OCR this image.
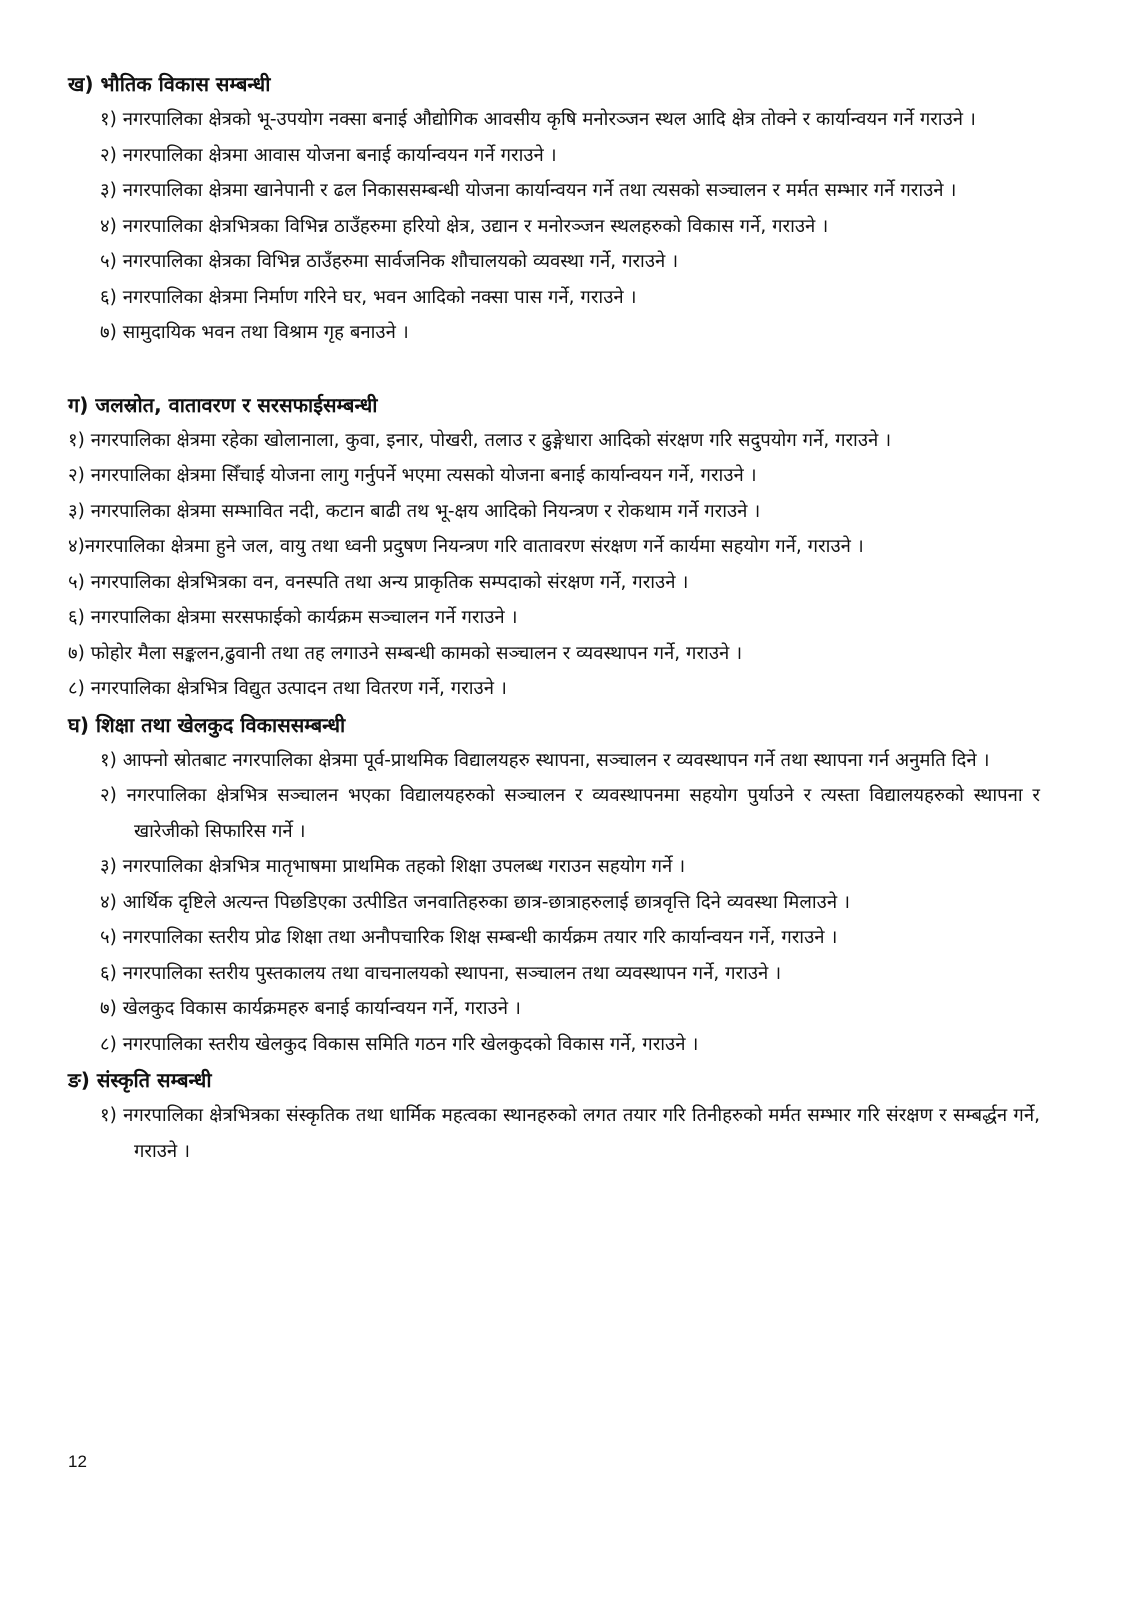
ख) भौतिक विकास सम्बन्धी
१) नगरपालिका क्षेत्रको भू-उपयोग नक्सा बनाई औद्योगिक आवसीय कृषि मनोरञ्जन स्थल आदि क्षेत्र तोक्ने र कार्यान्वयन गर्ने गराउने ।
२) नगरपालिका क्षेत्रमा आवास योजना बनाई कार्यान्वयन गर्ने गराउने ।
३) नगरपालिका क्षेत्रमा खानेपानी र ढल निकाससम्बन्धी योजना कार्यान्वयन गर्ने तथा त्यसको सञ्चालन र मर्मत सम्भार गर्ने गराउने ।
४) नगरपालिका क्षेत्रभित्रका विभिन्न ठाउँहरुमा हरियो क्षेत्र, उद्यान र मनोरञ्जन स्थलहरुको विकास गर्ने, गराउने ।
५) नगरपालिका क्षेत्रका विभिन्न ठाउँहरुमा सार्वजनिक शौचालयको व्यवस्था गर्ने, गराउने ।
६) नगरपालिका क्षेत्रमा निर्माण गरिने घर, भवन आदिको नक्सा पास गर्ने, गराउने ।
७) सामुदायिक भवन तथा विश्राम गृह बनाउने ।
ग) जलस्रोत, वातावरण र सरसफाईसम्बन्धी
१) नगरपालिका क्षेत्रमा रहेका खोलानाला, कुवा, इनार, पोखरी, तलाउ र ढुङ्गेधारा आदिको संरक्षण गरि सदुपयोग गर्ने, गराउने ।
२) नगरपालिका क्षेत्रमा सिँचाई योजना लागु गर्नुपर्ने भएमा त्यसको योजना बनाई कार्यान्वयन गर्ने, गराउने ।
३) नगरपालिका क्षेत्रमा सम्भावित नदी, कटान बाढी तथ भू-क्षय आदिको नियन्त्रण र रोकथाम गर्ने गराउने ।
४)नगरपालिका क्षेत्रमा हुने जल, वायु तथा ध्वनी प्रदुषण नियन्त्रण गरि वातावरण संरक्षण गर्ने कार्यमा सहयोग गर्ने, गराउने ।
५) नगरपालिका क्षेत्रभित्रका वन, वनस्पति तथा अन्य प्राकृतिक सम्पदाको संरक्षण गर्ने, गराउने ।
६) नगरपालिका क्षेत्रमा सरसफाईको कार्यक्रम सञ्चालन गर्ने गराउने ।
७) फोहोर मैला सङ्कलन,ढुवानी तथा तह लगाउने सम्बन्धी कामको सञ्चालन र व्यवस्थापन गर्ने, गराउने ।
८) नगरपालिका क्षेत्रभित्र विद्युत उत्पादन तथा वितरण गर्ने, गराउने ।
घ) शिक्षा तथा खेलकुद विकाससम्बन्धी
१) आफ्नो स्रोतबाट नगरपालिका क्षेत्रमा पूर्व-प्राथमिक विद्यालयहरु स्थापना, सञ्चालन र व्यवस्थापन गर्ने तथा स्थापना गर्न अनुमति दिने ।
२) नगरपालिका क्षेत्रभित्र सञ्चालन भएका विद्यालयहरुको सञ्चालन र व्यवस्थापनमा सहयोग पुर्याउने र त्यस्ता विद्यालयहरुको स्थापना र खारेजीको सिफारिस गर्ने ।
३) नगरपालिका क्षेत्रभित्र मातृभाषमा प्राथमिक तहको शिक्षा उपलब्ध गराउन सहयोग गर्ने ।
४) आर्थिक दृष्टिले अत्यन्त पिछडिएका उत्पीडित जनवातिहरुका छात्र-छात्राहरुलाई छात्रवृत्ति दिने व्यवस्था मिलाउने ।
५) नगरपालिका स्तरीय प्रोढ शिक्षा तथा अनौपचारिक शिक्ष सम्बन्धी कार्यक्रम तयार गरि कार्यान्वयन गर्ने, गराउने ।
६) नगरपालिका स्तरीय पुस्तकालय तथा वाचनालयको स्थापना, सञ्चालन तथा व्यवस्थापन गर्ने, गराउने ।
७) खेलकुद विकास कार्यक्रमहरु बनाई कार्यान्वयन गर्ने, गराउने ।
८) नगरपालिका स्तरीय खेलकुद विकास समिति गठन गरि खेलकुदको विकास गर्ने, गराउने ।
ङ) संस्कृति सम्बन्धी
१) नगरपालिका क्षेत्रभित्रका संस्कृतिक तथा धार्मिक महत्वका स्थानहरुको लगत तयार गरि तिनीहरुको मर्मत सम्भार गरि संरक्षण र सम्बर्द्धन गर्ने, गराउने ।
12
